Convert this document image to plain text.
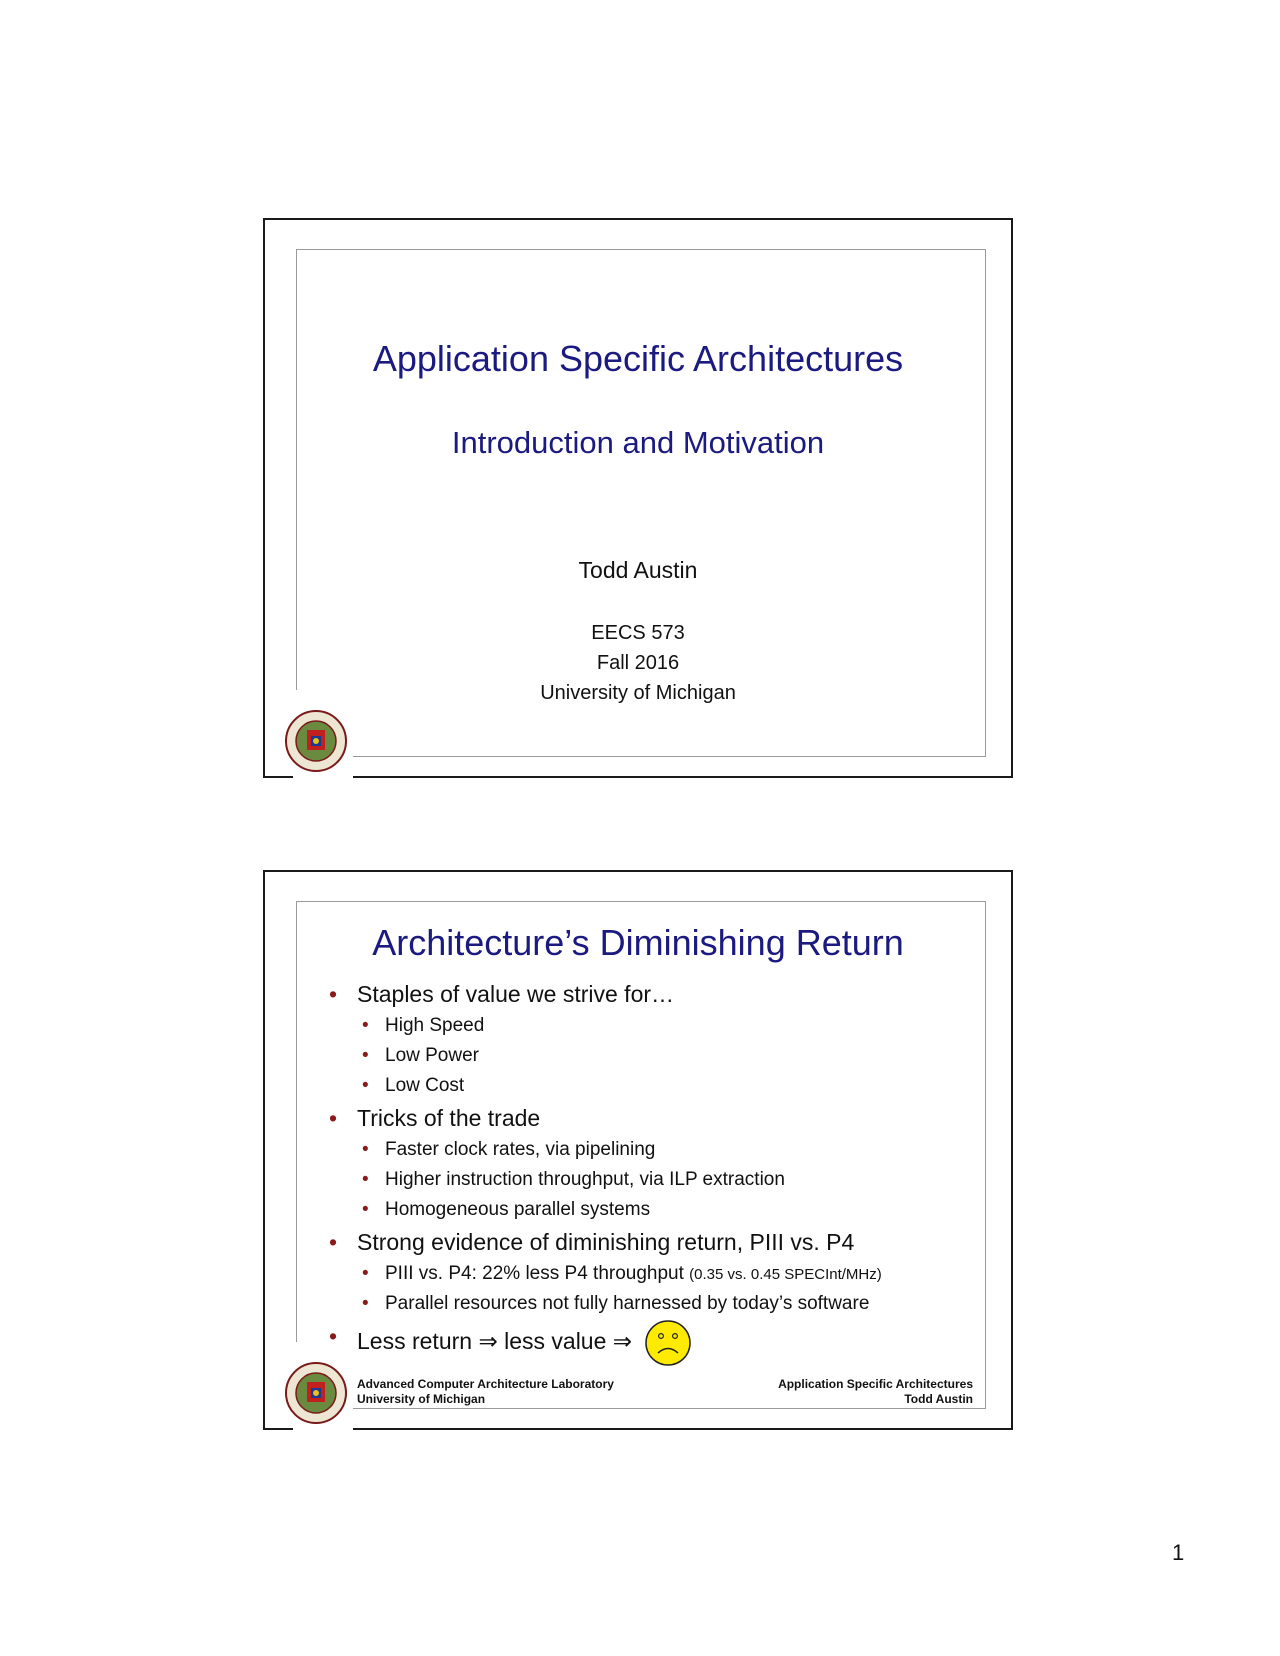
Application Specific Architectures
Introduction and Motivation
Todd Austin
EECS 573
Fall 2016
University of Michigan
Architecture’s Diminishing Return
• Staples of value we strive for…
• High Speed
• Low Power
• Low Cost
• Tricks of the trade
• Faster clock rates, via pipelining
• Higher instruction throughput, via ILP extraction
• Homogeneous parallel systems
• Strong evidence of diminishing return, PIII vs. P4
• PIII vs. P4: 22% less P4 throughput (0.35 vs. 0.45 SPECInt/MHz)
• Parallel resources not fully harnessed by today’s software
• Less return ⇒ less value ⇒
Advanced Computer Architecture Laboratory
University of Michigan
Application Specific Architectures
Todd Austin
1
